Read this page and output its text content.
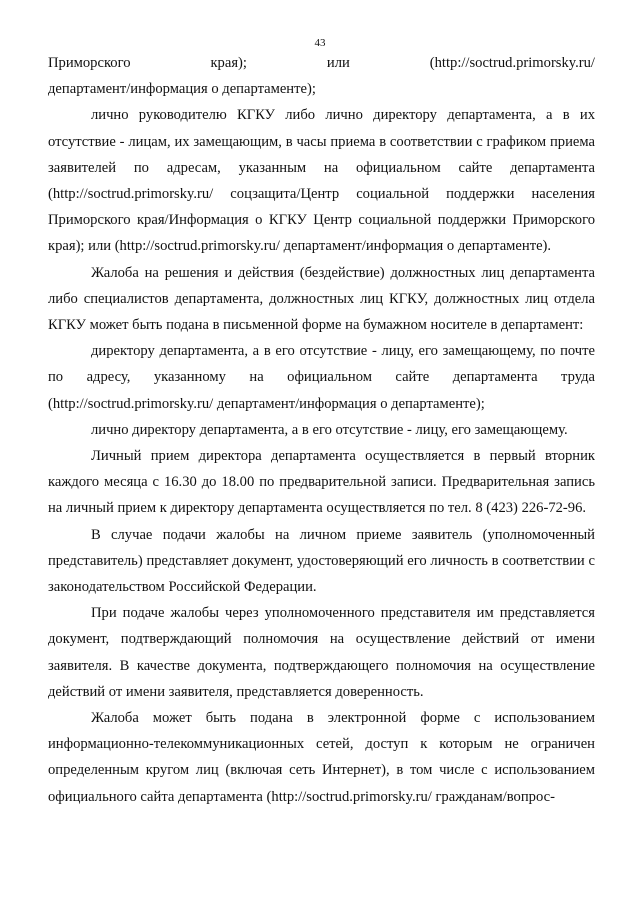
43
Приморского	края);	или	(http://soctrud.primorsky.ru/

департамент/информация о департаменте);

лично руководителю КГКУ либо лично директору департамента, а в их отсутствие - лицам, их замещающим, в часы приема в соответствии с графиком приема заявителей по адресам, указанным на официальном сайте департамента (http://soctrud.primorsky.ru/ соцзащита/Центр социальной поддержки населения Приморского края/Информация о КГКУ Центр социальной поддержки Приморского края); или (http://soctrud.primorsky.ru/ департамент/информация о департаменте).

Жалоба на решения и действия (бездействие) должностных лиц департамента либо специалистов департамента, должностных лиц КГКУ, должностных лиц отдела КГКУ может быть подана в письменной форме на бумажном носителе в департамент:

директору департамента, а в его отсутствие - лицу, его замещающему, по почте по адресу, указанному на официальном сайте департамента труда (http://soctrud.primorsky.ru/ департамент/информация о департаменте);

лично директору департамента, а в его отсутствие - лицу, его замещающему.

Личный прием директора департамента осуществляется в первый вторник каждого месяца с 16.30 до 18.00 по предварительной записи. Предварительная запись на личный прием к директору департамента осуществляется по тел. 8 (423) 226-72-96.

В случае подачи жалобы на личном приеме заявитель (уполномоченный представитель) представляет документ, удостоверяющий его личность в соответствии с законодательством Российской Федерации.

При подаче жалобы через уполномоченного представителя им представляется документ, подтверждающий полномочия на осуществление действий от имени заявителя. В качестве документа, подтверждающего полномочия на осуществление действий от имени заявителя, представляется доверенность.

Жалоба может быть подана в электронной форме с использованием информационно-телекоммуникационных сетей, доступ к которым не ограничен определенным кругом лиц (включая сеть Интернет), в том числе с использованием официального сайта департамента (http://soctrud.primorsky.ru/ гражданам/вопрос-
